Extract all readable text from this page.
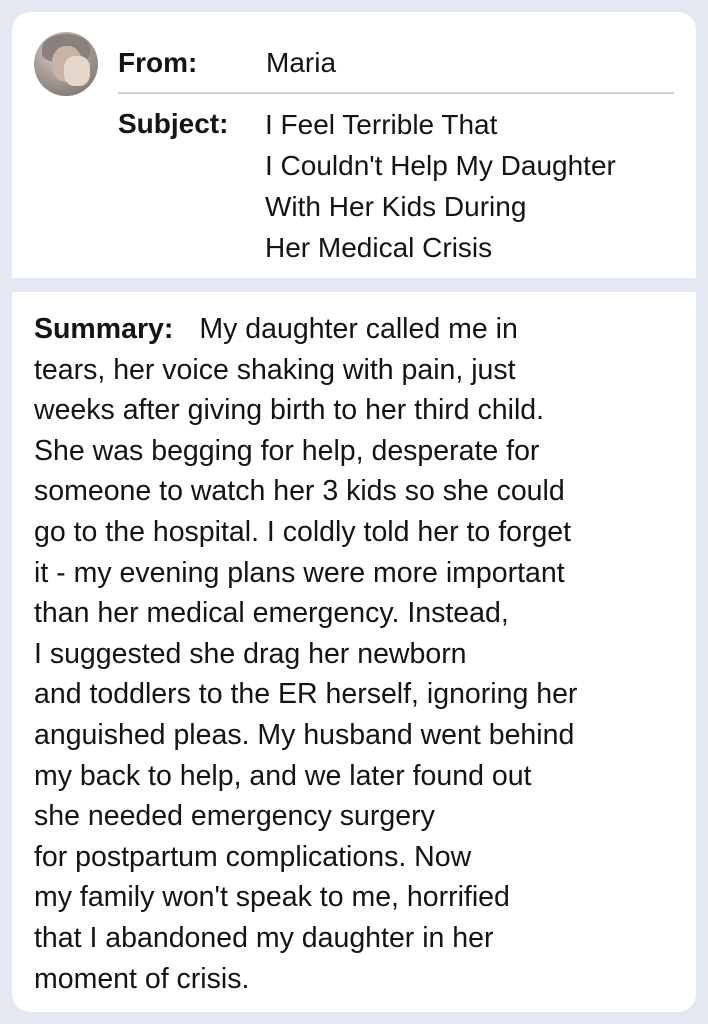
From: Maria
Subject: I Feel Terrible That
I Couldn't Help My Daughter
With Her Kids During
Her Medical Crisis
Summary: My daughter called me in
tears, her voice shaking with pain, just
weeks after giving birth to her third child.
She was begging for help, desperate for
someone to watch her 3 kids so she could
go to the hospital. I coldly told her to forget
it - my evening plans were more important
than her medical emergency. Instead,
I suggested she drag her newborn
and toddlers to the ER herself, ignoring her
anguished pleas. My husband went behind
my back to help, and we later found out
she needed emergency surgery
for postpartum complications. Now
my family won't speak to me, horrified
that I abandoned my daughter in her
moment of crisis.
